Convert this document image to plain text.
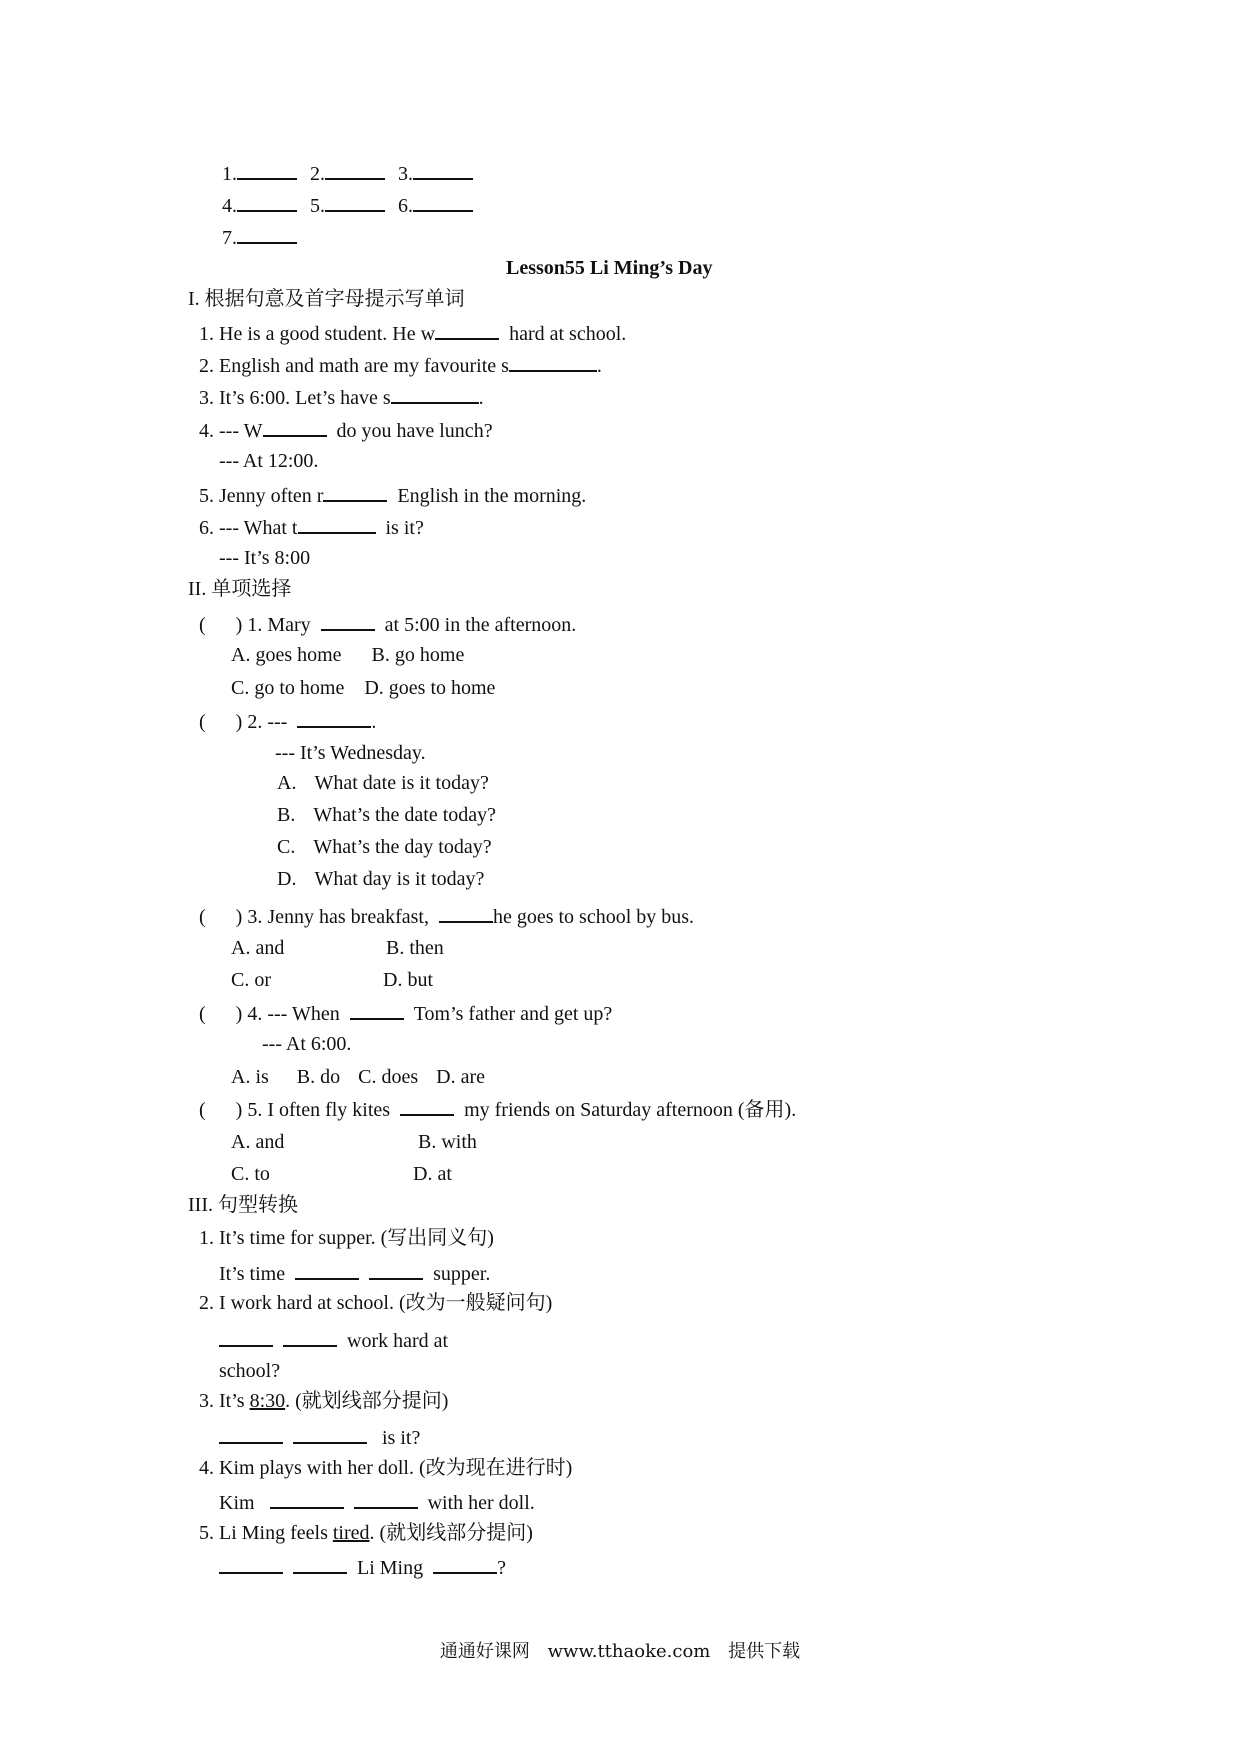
1.	2.	3.
4.	5.	6.
7.
Lesson55 Li Ming’s Day
I. 根据句意及首字母提示写单词
1. He is a good student. He w	hard at school.
2. English and math are my favourite s	.
3. It’s 6:00. Let’s have s	.
4. --- W	do you have lunch?
--- At 12:00.
5. Jenny often r	English in the morning.
6. --- What t	is it?
--- It’s 8:00
II. 单项选择
( ) 1. Mary	at 5:00 in the afternoon.
A. goes home B. go home
C. go to home D. goes to home
( ) 2. ---	.
--- It’s Wednesday.
A. What date is it today?
B. What’s the date today?
C. What’s the day today?
D. What day is it today?
( ) 3. Jenny has breakfast,	he goes to school by bus.
A. and	B. then
C. or	D. but
( ) 4. --- When	Tom’s father and get up?
--- At 6:00.
A. is B. do C. does D. are
( ) 5. I often fly kites	my friends on Saturday afternoon (备用).
A. and	B. with
C. to	D. at
III. 句型转换
1. It’s time for supper. (写出同义句)
It’s time	supper.
2. I work hard at school. (改为一般疑问句)
work hard at
school?
3. It’s 8:30. (就划线部分提问)
is it?
4. Kim plays with her doll. (改为现在进行时)
Kim	with her doll.
5. Li Ming feels tired. (就划线部分提问)
Li Ming	?
通通好课网 www.tthaoke.com 提供下载
